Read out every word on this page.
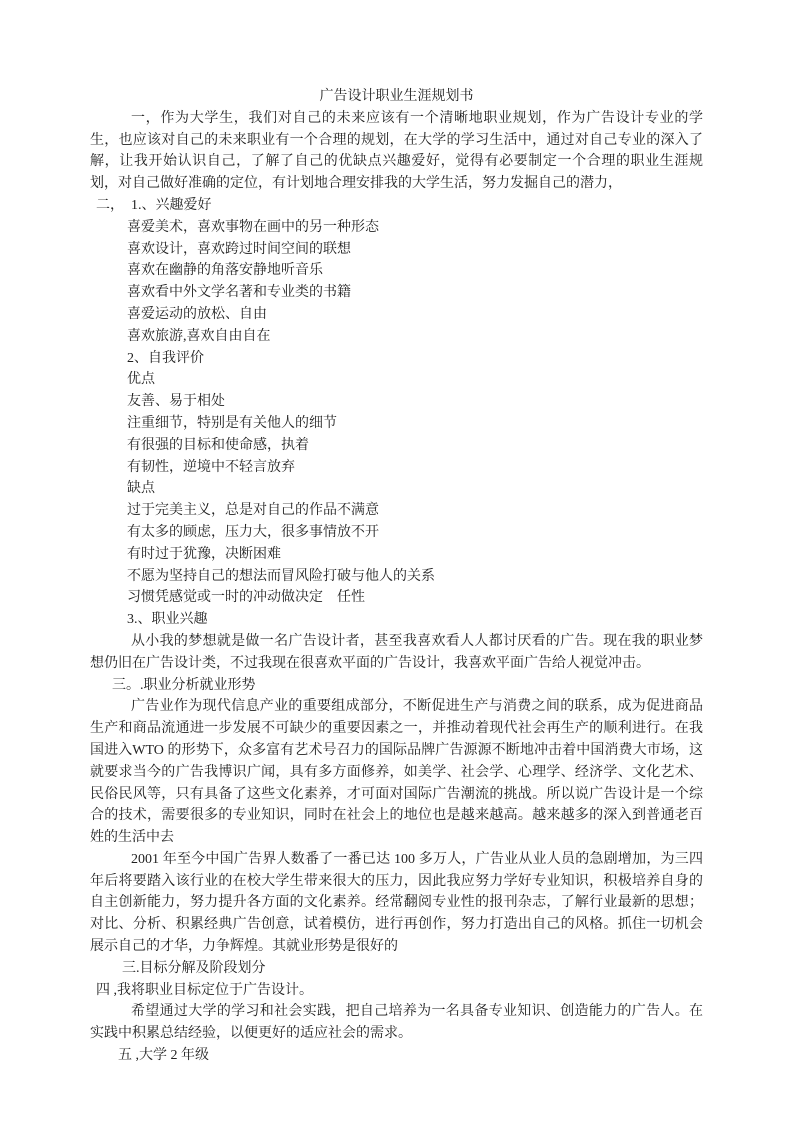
广告设计职业生涯规划书

一，作为大学生，我们对自己的未来应该有一个清晰地职业规划，作为广告设计专业的学生，也应该对自己的未来职业有一个合理的规划，在大学的学习生活中，通过对自己专业的深入了解，让我开始认识自己，了解了自己的优缺点兴趣爱好，觉得有必要制定一个合理的职业生涯规划，对自己做好准确的定位，有计划地合理安排我的大学生活，努力发掘自己的潜力，

二，　1.、兴趣爱好

喜爱美术，喜欢事物在画中的另一种形态

喜欢设计，喜欢跨过时间空间的联想

喜欢在幽静的角落安静地听音乐

喜欢看中外文学名著和专业类的书籍

喜爱运动的放松、自由

喜欢旅游,喜欢自由自在

2、自我评价

优点

友善、易于相处

注重细节，特别是有关他人的细节

有很强的目标和使命感，执着

有韧性，逆境中不轻言放弃

缺点

过于完美主义，总是对自己的作品不满意

有太多的顾虑，压力大，很多事情放不开

有时过于犹豫，决断困难

不愿为坚持自己的想法而冒风险打破与他人的关系

习惯凭感觉或一时的冲动做决定　任性

3.、职业兴趣

从小我的梦想就是做一名广告设计者，甚至我喜欢看人人都讨厌看的广告。现在我的职业梦想仍旧在广告设计类，不过我现在很喜欢平面的广告设计，我喜欢平面广告给人视觉冲击。

三。.职业分析就业形势

广告业作为现代信息产业的重要组成部分，不断促进生产与消费之间的联系，成为促进商品生产和商品流通进一步发展不可缺少的重要因素之一，并推动着现代社会再生产的顺利进行。在我国进入WTO 的形势下，众多富有艺术号召力的国际品牌广告源源不断地冲击着中国消费大市场，这就要求当今的广告我博识广闻，具有多方面修养，如美学、社会学、心理学、经济学、文化艺术、民俗民风等，只有具备了这些文化素养，才可面对国际广告潮流的挑战。所以说广告设计是一个综合的技术，需要很多的专业知识，同时在社会上的地位也是越来越高。越来越多的深入到普通老百姓的生活中去

2001 年至今中国广告界人数番了一番已达 100 多万人，广告业从业人员的急剧增加，为三四年后将要踏入该行业的在校大学生带来很大的压力，因此我应努力学好专业知识，积极培养自身的自主创新能力，努力提升各方面的文化素养。经常翻阅专业性的报刊杂志，了解行业最新的思想；对比、分析、积累经典广告创意，试着模仿，进行再创作，努力打造出自己的风格。抓住一切机会展示自己的才华，力争辉煌。其就业形势是很好的

三.目标分解及阶段划分

四 ,我将职业目标定位于广告设计。

希望通过大学的学习和社会实践，把自己培养为一名具备专业知识、创造能力的广告人。在实践中积累总结经验，以便更好的适应社会的需求。

五 ,大学 2 年级
